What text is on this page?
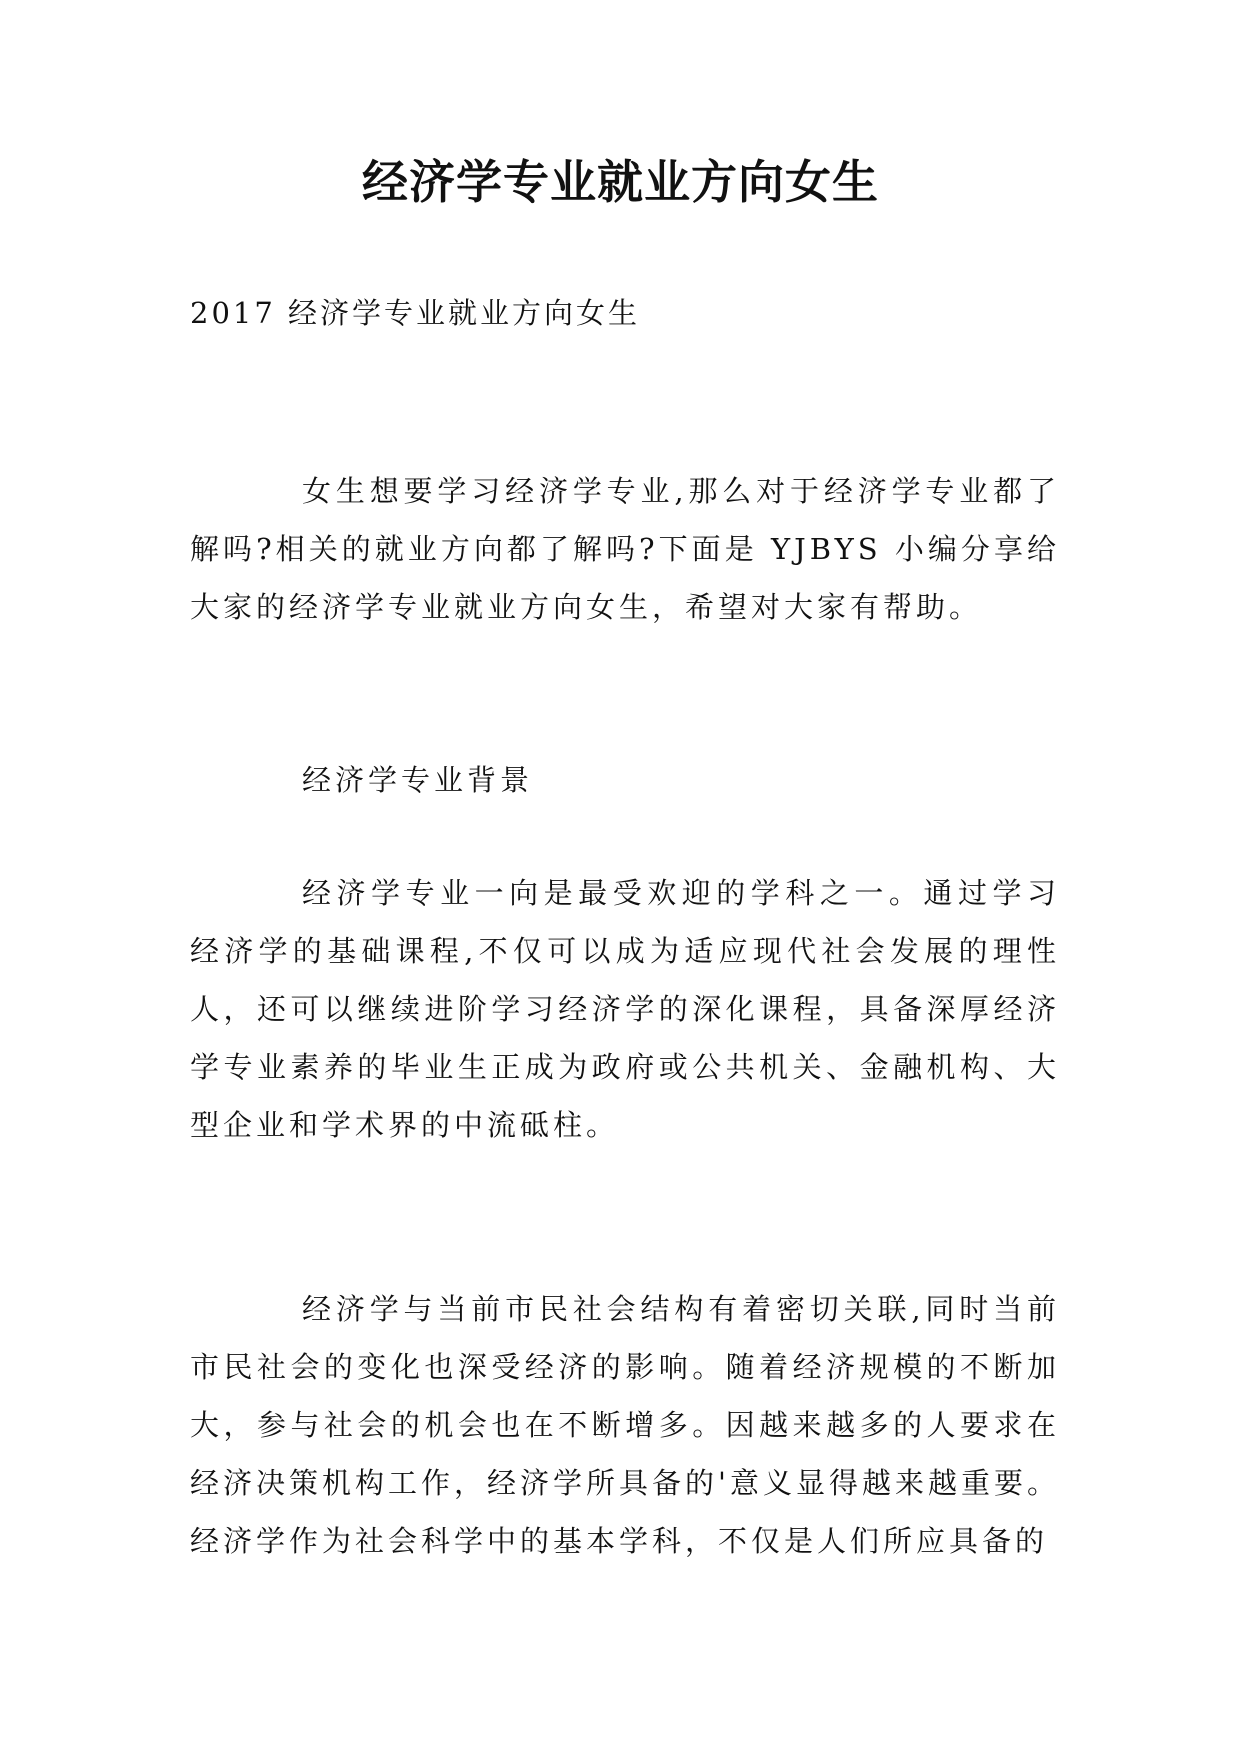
经济学专业就业方向女生
2017 经济学专业就业方向女生

女生想要学习经济学专业,那么对于经济学专业都了解吗?相关的就业方向都了解吗?下面是 YJBYS 小编分享给大家的经济学专业就业方向女生，希望对大家有帮助。

经济学专业背景

经济学专业一向是最受欢迎的学科之一。通过学习经济学的基础课程,不仅可以成为适应现代社会发展的理性人，还可以继续进阶学习经济学的深化课程，具备深厚经济学专业素养的毕业生正成为政府或公共机关、金融机构、大型企业和学术界的中流砥柱。

经济学与当前市民社会结构有着密切关联,同时当前市民社会的变化也深受经济的影响。随着经济规模的不断加大，参与社会的机会也在不断增多。因越来越多的人要求在经济决策机构工作，经济学所具备的'意义显得越来越重要。经济学作为社会科学中的基本学科，不仅是人们所应具备的
